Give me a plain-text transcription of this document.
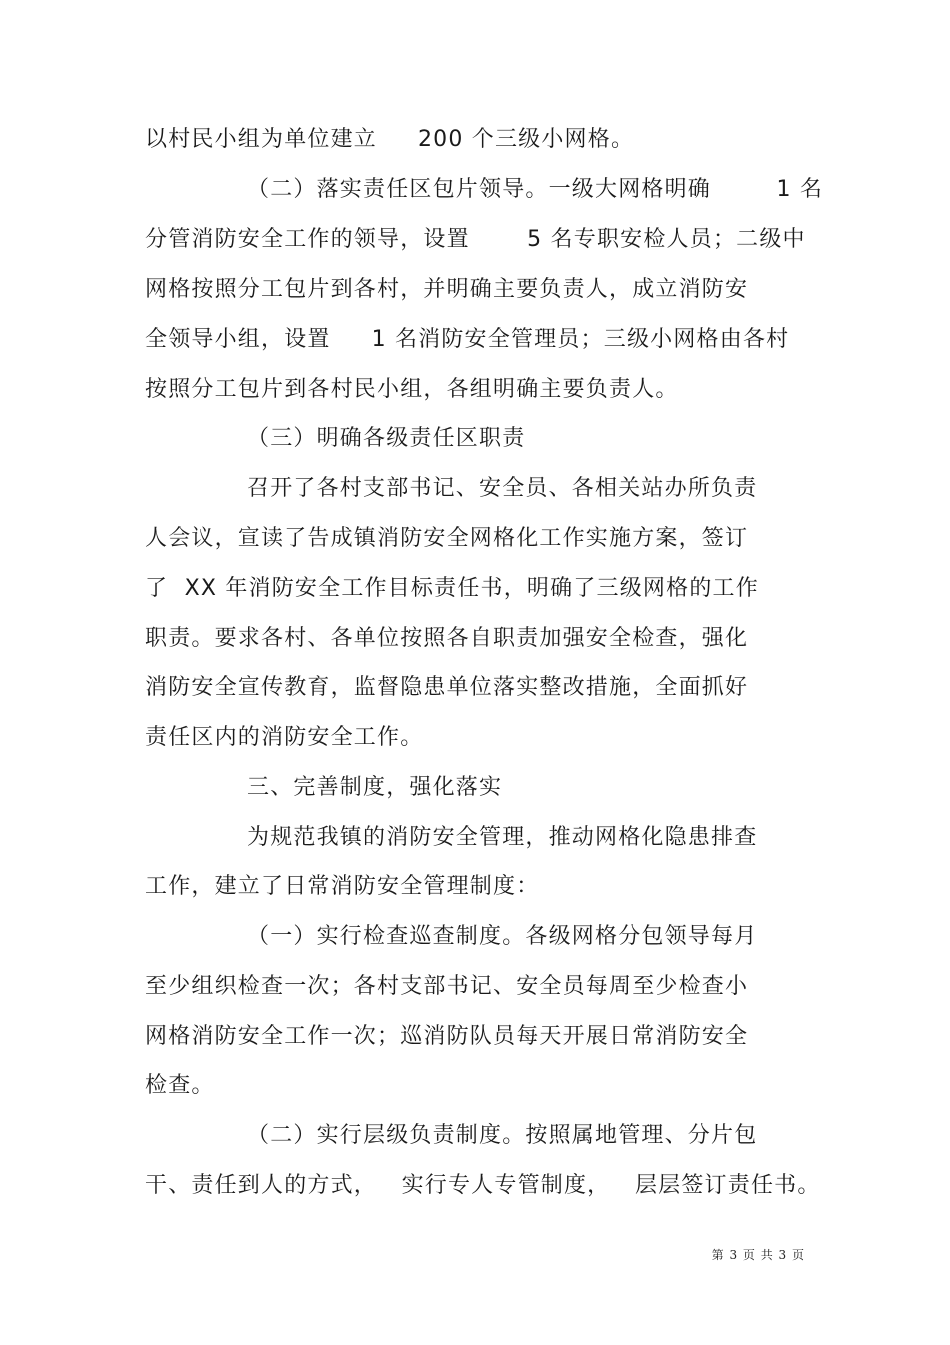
以村民小组为单位建立     200 个三级小网格。
（二）落实责任区包片领导。一级大网格明确        1 名
分管消防安全工作的领导，设置       5 名专职安检人员；二级中
网格按照分工包片到各村，并明确主要负责人，成立消防安
全领导小组，设置     1 名消防安全管理员；三级小网格由各村
按照分工包片到各村民小组，各组明确主要负责人。
（三）明确各级责任区职责
召开了各村支部书记、安全员、各相关站办所负责
人会议，宣读了告成镇消防安全网格化工作实施方案，签订
了  XX 年消防安全工作目标责任书，明确了三级网格的工作
职责。要求各村、各单位按照各自职责加强安全检查，强化
消防安全宣传教育，监督隐患单位落实整改措施，全面抓好
责任区内的消防安全工作。
三、完善制度，强化落实
为规范我镇的消防安全管理，推动网格化隐患排查
工作，建立了日常消防安全管理制度：
（一）实行检查巡查制度。各级网格分包领导每月
至少组织检查一次；各村支部书记、安全员每周至少检查小
网格消防安全工作一次；巡消防队员每天开展日常消防安全
检查。
（二）实行层级负责制度。按照属地管理、分片包
干、责任到人的方式，   实行专人专管制度，   层层签订责任书。
第 3 页 共 3 页
